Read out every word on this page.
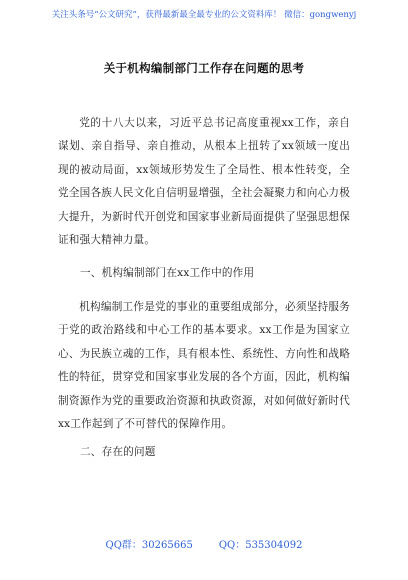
关注头条号“公文研究”，获得最新最全最专业的公文资料库！ 微信：gongwenyj
关于机构编制部门工作存在问题的思考

党的十八大以来，习近平总书记高度重视xx工作，亲自谋划、亲自指导、亲自推动，从根本上扭转了xx领域一度出现的被动局面，xx领域形势发生了全局性、根本性转变，全党全国各族人民文化自信明显增强，全社会凝聚力和向心力极大提升，为新时代开创党和国家事业新局面提供了坚强思想保证和强大精神力量。

一、机构编制部门在xx工作中的作用

机构编制工作是党的事业的重要组成部分，必须坚持服务于党的政治路线和中心工作的基本要求。xx工作是为国家立心、为民族立魂的工作，具有根本性、系统性、方向性和战略性的特征，贯穿党和国家事业发展的各个方面，因此，机构编制资源作为党的重要政治资源和执政资源，对如何做好新时代xx工作起到了不可替代的保障作用。

二、存在的问题

QQ群：30265665	QQ：535304092
